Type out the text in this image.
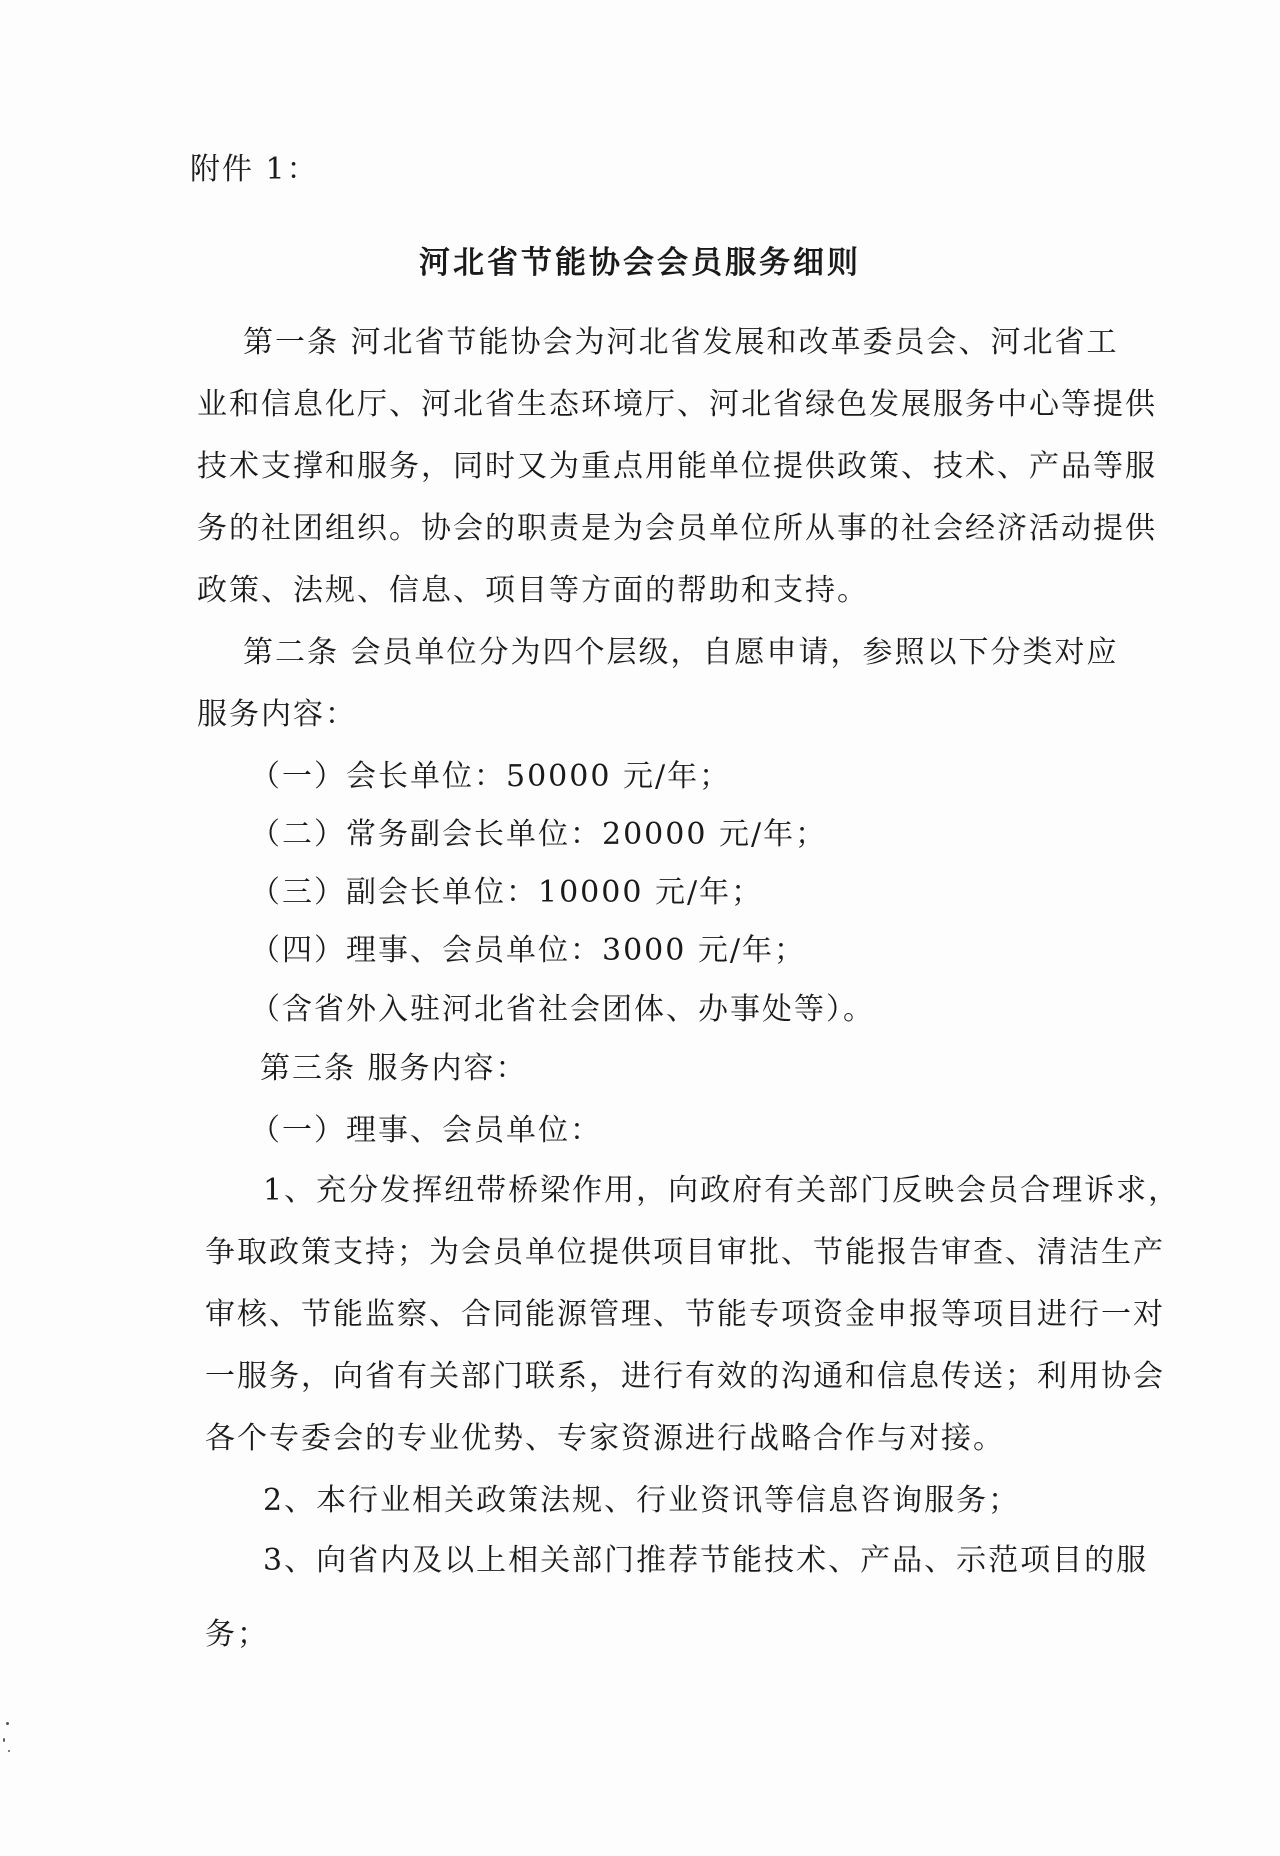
附件 1：
河北省节能协会会员服务细则
第一条 河北省节能协会为河北省发展和改革委员会、河北省工
业和信息化厅、河北省生态环境厅、河北省绿色发展服务中心等提供
技术支撑和服务，同时又为重点用能单位提供政策、技术、产品等服
务的社团组织。协会的职责是为会员单位所从事的社会经济活动提供
政策、法规、信息、项目等方面的帮助和支持。
第二条 会员单位分为四个层级，自愿申请，参照以下分类对应
服务内容：
（一）会长单位：50000 元/年；
（二）常务副会长单位：20000 元/年；
（三）副会长单位：10000 元/年；
（四）理事、会员单位：3000 元/年；
（含省外入驻河北省社会团体、办事处等）。
第三条 服务内容：
（一）理事、会员单位：
1、充分发挥纽带桥梁作用，向政府有关部门反映会员合理诉求，
争取政策支持；为会员单位提供项目审批、节能报告审查、清洁生产
审核、节能监察、合同能源管理、节能专项资金申报等项目进行一对
一服务，向省有关部门联系，进行有效的沟通和信息传送；利用协会
各个专委会的专业优势、专家资源进行战略合作与对接。
2、本行业相关政策法规、行业资讯等信息咨询服务；
3、向省内及以上相关部门推荐节能技术、产品、示范项目的服
务；
